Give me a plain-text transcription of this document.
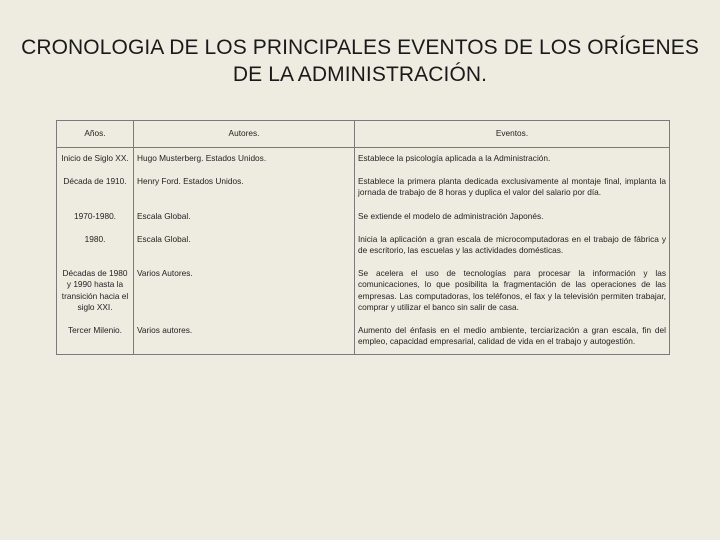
CRONOLOGIA DE LOS PRINCIPALES EVENTOS DE LOS ORÍGENES
DE LA ADMINISTRACIÓN.
Años.	Autores.	Eventos.
Inicio de Siglo XX.	Hugo Musterberg. Estados Unidos.	Establece la psicología aplicada a la Administración.
Década de 1910.	Henry Ford. Estados Unidos.	Establece la primera planta dedicada exclusivamente al montaje final, implanta la jornada de trabajo de 8 horas y duplica el valor del salario por día.
1970-1980.	Escala Global.	Se extiende el modelo de administración Japonés.
1980.	Escala Global.	Inicia la aplicación a gran escala de microcomputadoras en el trabajo de fábrica y de escritorio, las escuelas y las actividades domésticas.
Décadas de 1980 y 1990 hasta la transición hacia el siglo XXI.	Varios Autores.	Se acelera el uso de tecnologías para procesar la información y las comunicaciones, lo que posibilita la fragmentación de las operaciones de las empresas. Las computadoras, los teléfonos, el fax y la televisión permiten trabajar, comprar y utilizar el banco sin salir de casa.
Tercer Milenio.	Varios autores.	Aumento del énfasis en el medio ambiente, terciarización a gran escala, fin del empleo, capacidad empresarial, calidad de vida en el trabajo y autogestión.
